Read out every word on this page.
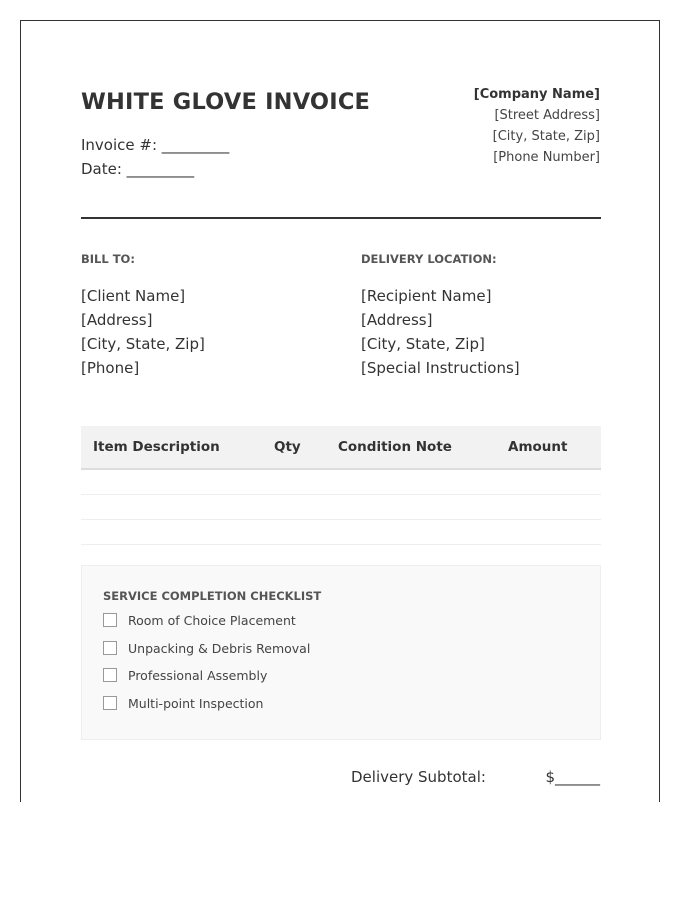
WHITE GLOVE INVOICE
Invoice #: _________
Date: _________
[Company Name]
[Street Address]
[City, State, Zip]
[Phone Number]
BILL TO:
[Client Name]
[Address]
[City, State, Zip]
[Phone]
DELIVERY LOCATION:
[Recipient Name]
[Address]
[City, State, Zip]
[Special Instructions]
Item Description	Qty	Condition Note	Amount
SERVICE COMPLETION CHECKLIST
Room of Choice Placement
Unpacking & Debris Removal
Professional Assembly
Multi-point Inspection
Delivery Subtotal:	$______
